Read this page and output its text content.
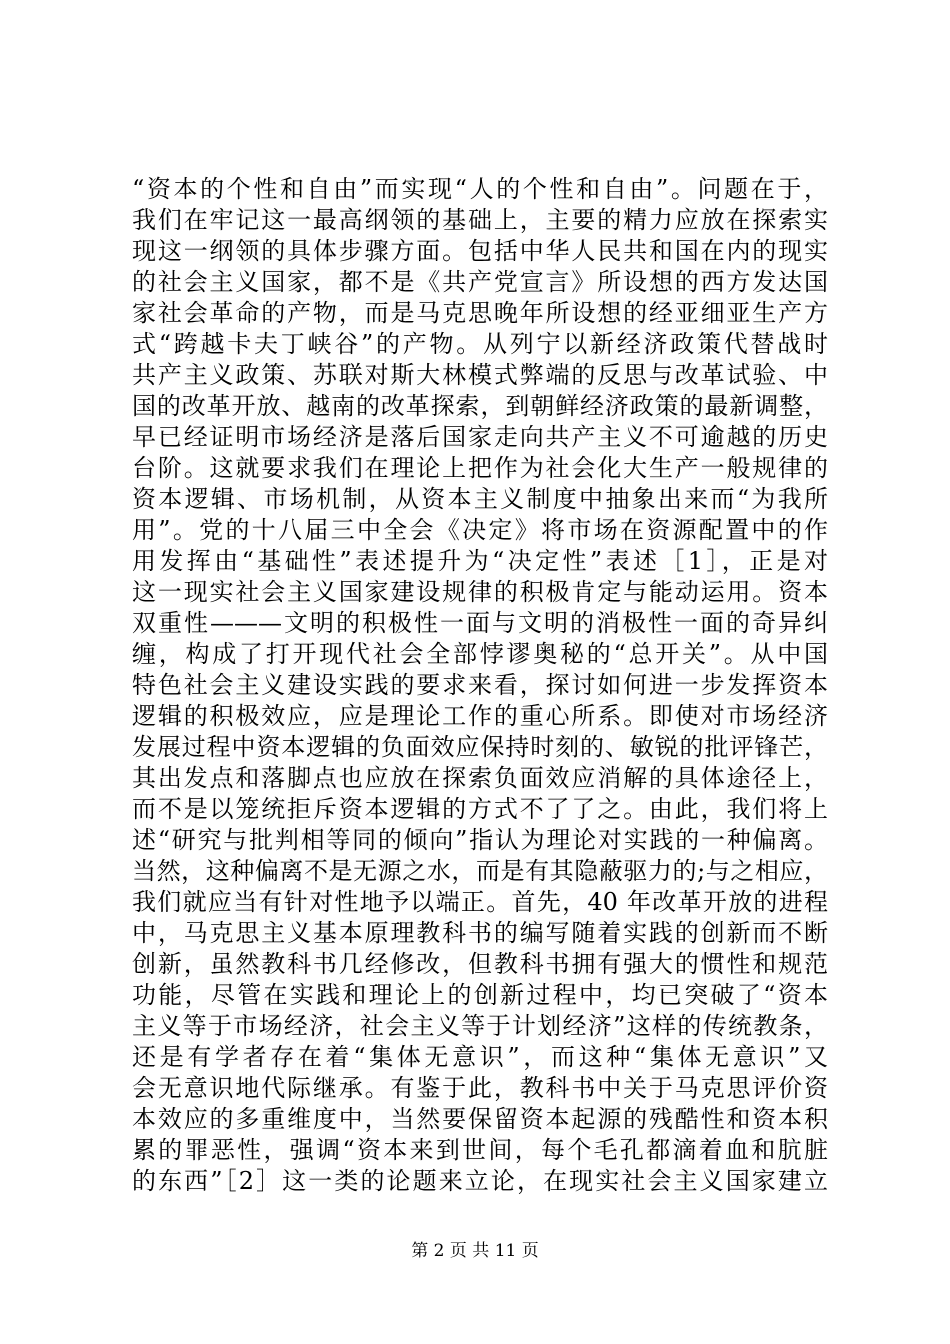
“资本的个性和自由”而实现“人的个性和自由”。问题在于，
我们在牢记这一最高纲领的基础上，主要的精力应放在探索实
现这一纲领的具体步骤方面。包括中华人民共和国在内的现实
的社会主义国家，都不是《共产党宣言》所设想的西方发达国
家社会革命的产物，而是马克思晚年所设想的经亚细亚生产方
式“跨越卡夫丁峡谷”的产物。从列宁以新经济政策代替战时
共产主义政策、苏联对斯大林模式弊端的反思与改革试验、中
国的改革开放、越南的改革探索，到朝鲜经济政策的最新调整，
早已经证明市场经济是落后国家走向共产主义不可逾越的历史
台阶。这就要求我们在理论上把作为社会化大生产一般规律的
资本逻辑、市场机制，从资本主义制度中抽象出来而“为我所
用”。党的十八届三中全会《决定》将市场在资源配置中的作
用发挥由“基础性”表述提升为“决定性”表述［1］，正是对
这一现实社会主义国家建设规律的积极肯定与能动运用。资本
双重性———文明的积极性一面与文明的消极性一面的奇异纠
缠，构成了打开现代社会全部悖谬奥秘的“总开关”。从中国
特色社会主义建设实践的要求来看，探讨如何进一步发挥资本
逻辑的积极效应，应是理论工作的重心所系。即使对市场经济
发展过程中资本逻辑的负面效应保持时刻的、敏锐的批评锋芒，
其出发点和落脚点也应放在探索负面效应消解的具体途径上，
而不是以笼统拒斥资本逻辑的方式不了了之。由此，我们将上
述“研究与批判相等同的倾向”指认为理论对实践的一种偏离。
当然，这种偏离不是无源之水，而是有其隐蔽驱力的;与之相应，
我们就应当有针对性地予以端正。首先，40 年改革开放的进程
中，马克思主义基本原理教科书的编写随着实践的创新而不断
创新，虽然教科书几经修改，但教科书拥有强大的惯性和规范
功能，尽管在实践和理论上的创新过程中，均已突破了“资本
主义等于市场经济，社会主义等于计划经济”这样的传统教条，
还是有学者存在着“集体无意识”，而这种“集体无意识”又
会无意识地代际继承。有鉴于此，教科书中关于马克思评价资
本效应的多重维度中，当然要保留资本起源的残酷性和资本积
累的罪恶性，强调“资本来到世间，每个毛孔都滴着血和肮脏
的东西”［2］这一类的论题来立论，在现实社会主义国家建立
第 2 页 共 11 页
